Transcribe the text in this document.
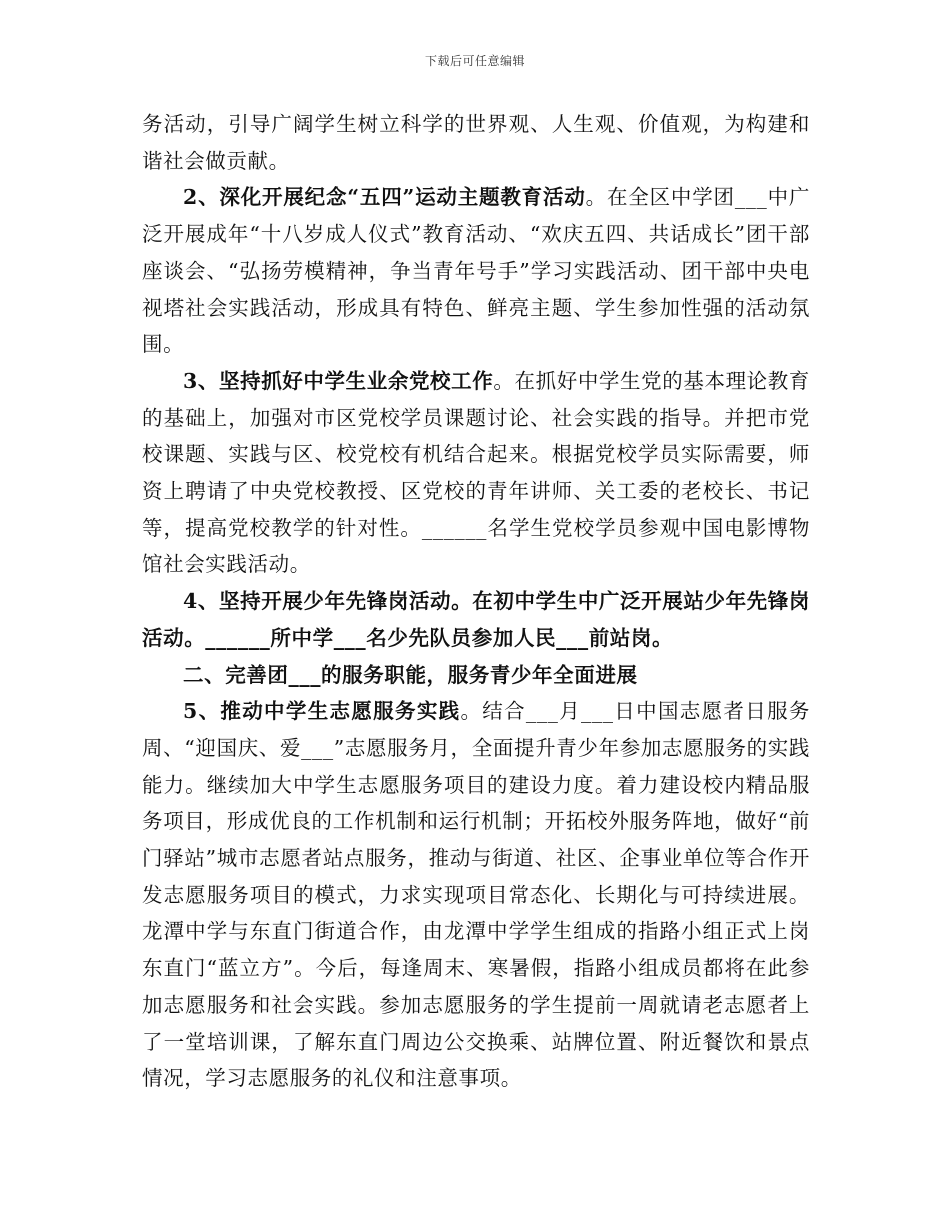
下载后可任意编辑

务活动，引导广阔学生树立科学的世界观、人生观、价值观，为构建和谐社会做贡献。

2、深化开展纪念“五四”运动主题教育活动。在全区中学团___中广泛开展成年“十八岁成人仪式”教育活动、“欢庆五四、共话成长”团干部座谈会、“弘扬劳模精神，争当青年号手”学习实践活动、团干部中央电视塔社会实践活动，形成具有特色、鲜亮主题、学生参加性强的活动氛围。

3、坚持抓好中学生业余党校工作。在抓好中学生党的基本理论教育的基础上，加强对市区党校学员课题讨论、社会实践的指导。并把市党校课题、实践与区、校党校有机结合起来。根据党校学员实际需要，师资上聘请了中央党校教授、区党校的青年讲师、关工委的老校长、书记等，提高党校教学的针对性。______名学生党校学员参观中国电影博物馆社会实践活动。

4、坚持开展少年先锋岗活动。在初中学生中广泛开展站少年先锋岗活动。______所中学___名少先队员参加人民___前站岗。

二、完善团___的服务职能，服务青少年全面进展

5、推动中学生志愿服务实践。结合___月___日中国志愿者日服务周、“迎国庆、爱___”志愿服务月，全面提升青少年参加志愿服务的实践能力。继续加大中学生志愿服务项目的建设力度。着力建设校内精品服务项目，形成优良的工作机制和运行机制；开拓校外服务阵地，做好“前门驿站”城市志愿者站点服务，推动与街道、社区、企事业单位等合作开发志愿服务项目的模式，力求实现项目常态化、长期化与可持续进展。龙潭中学与东直门街道合作，由龙潭中学学生组成的指路小组正式上岗东直门“蓝立方”。今后，每逢周末、寒暑假，指路小组成员都将在此参加志愿服务和社会实践。参加志愿服务的学生提前一周就请老志愿者上了一堂培训课，了解东直门周边公交换乘、站牌位置、附近餐饮和景点情况，学习志愿服务的礼仪和注意事项。
